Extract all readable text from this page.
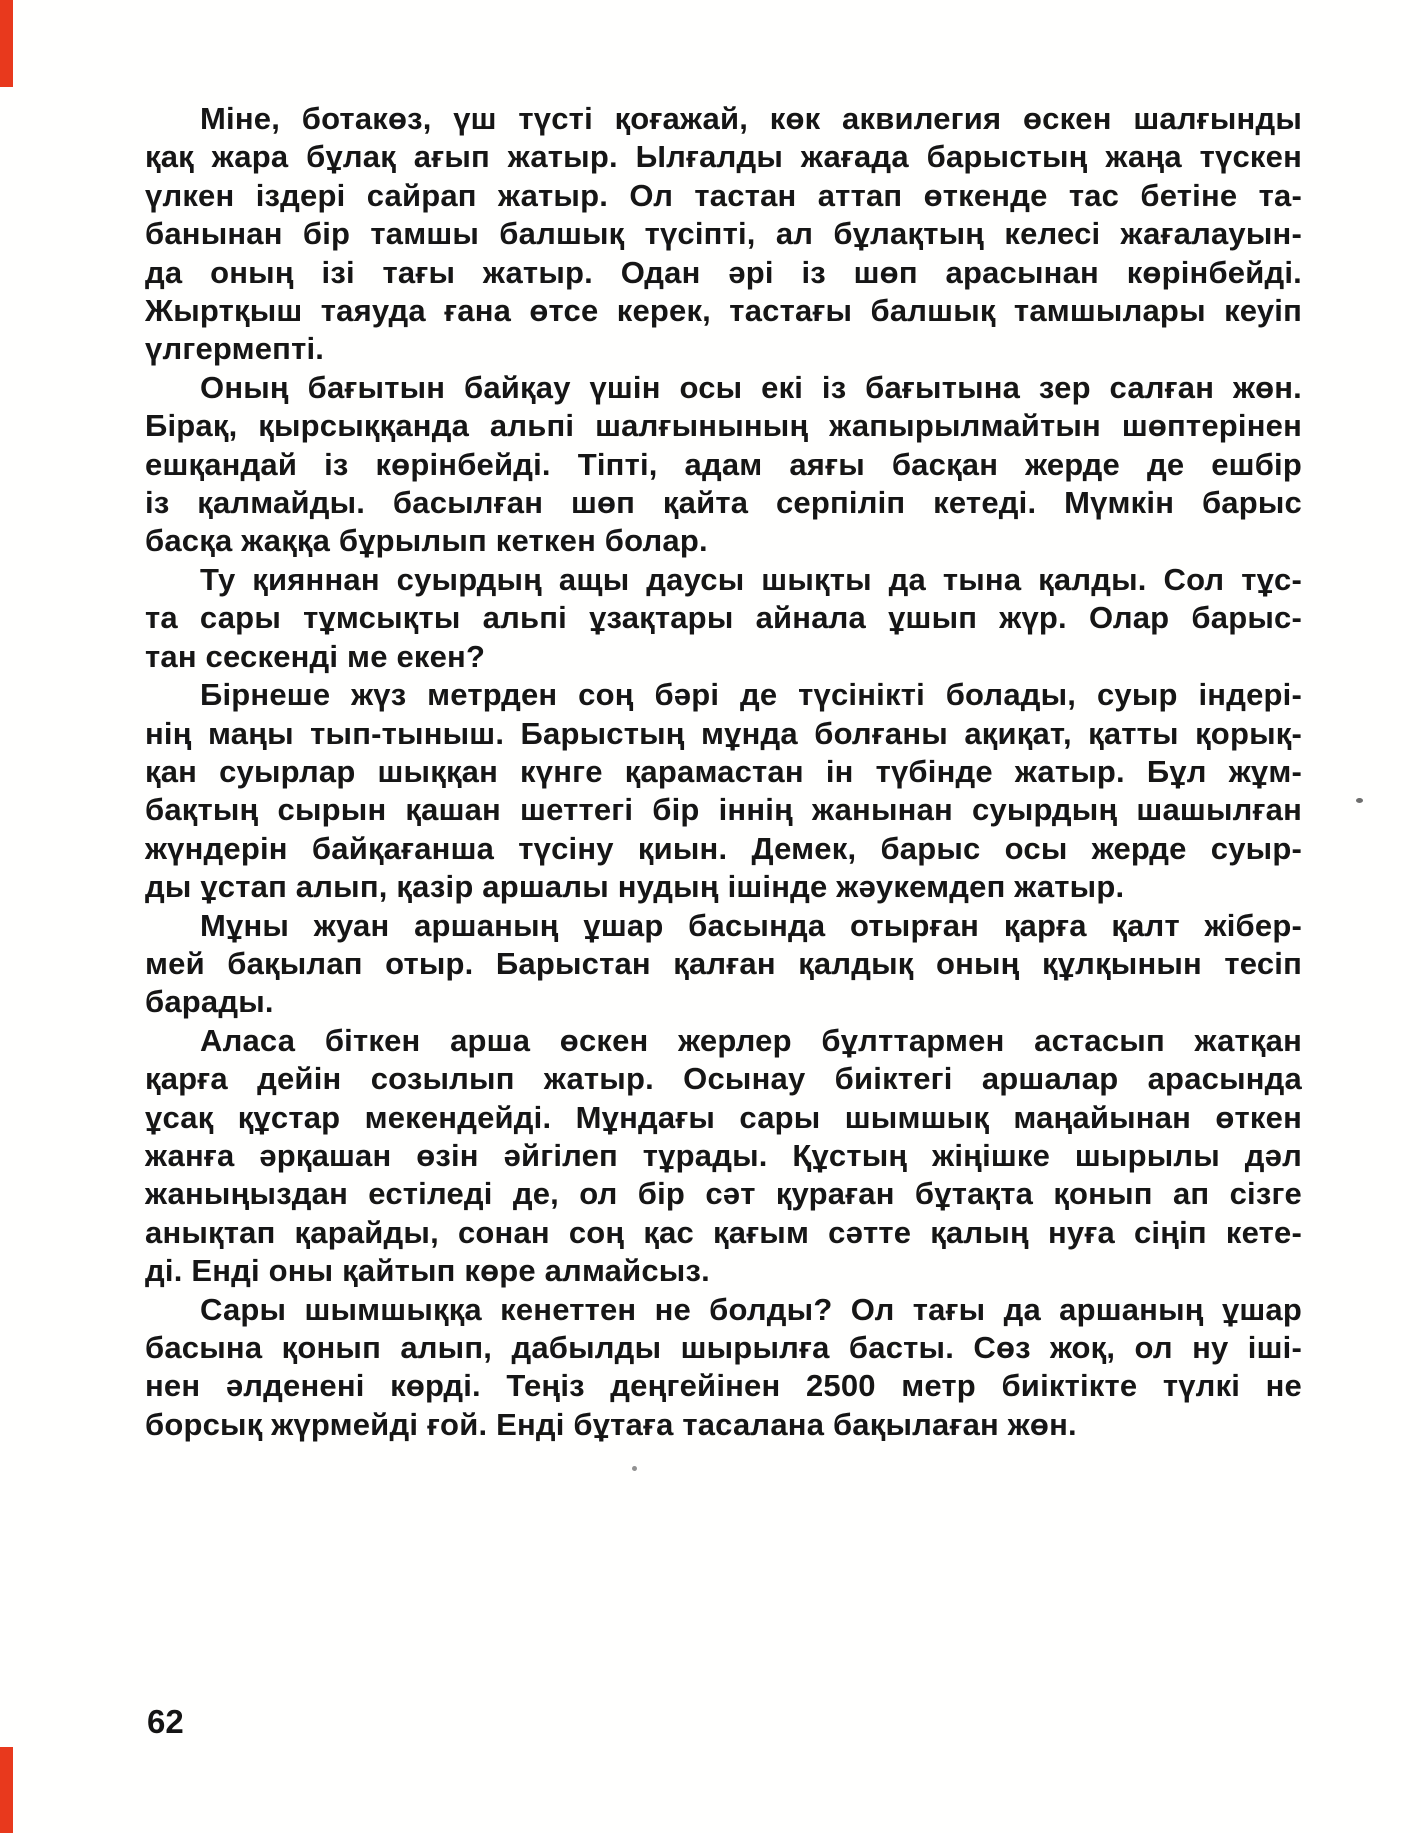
Міне, ботакөз, үш түсті қоғажай, көк аквилегия өскен шалғынды
қақ жара бұлақ ағып жатыр. Ылғалды жағада барыстың жаңа түскен
үлкен іздері сайрап жатыр. Ол тастан аттап өткенде тас бетіне та-
банынан бір тамшы балшық түсіпті, ал бұлақтың келесі жағалауын-
да оның ізі тағы жатыр. Одан әрі із шөп арасынан көрінбейді.
Жыртқыш таяуда ғана өтсе керек, тастағы балшық тамшылары кеуіп
үлгермепті.
Оның бағытын байқау үшін осы екі із бағытына зер салған жөн.
Бірақ, қырсыққанда альпі шалғынының жапырылмайтын шөптерінен
ешқандай із көрінбейді. Тіпті, адам аяғы басқан жерде де ешбір
із қалмайды. басылған шөп қайта серпіліп кетеді. Мүмкін барыс
басқа жаққа бұрылып кеткен болар.
Ту қияннан суырдың ащы даусы шықты да тына қалды. Сол тұс-
та сары тұмсықты альпі ұзақтары айнала ұшып жүр. Олар барыс-
тан сескенді ме екен?
Бірнеше жүз метрден соң бәрі де түсінікті болады, суыр індері-
нің маңы тып-тыныш. Барыстың мұнда болғаны ақиқат, қатты қорық-
қан суырлар шыққан күнге қарамастан ін түбінде жатыр. Бұл жұм-
бақтың сырын қашан шеттегі бір іннің жанынан суырдың шашылған
жүндерін байқағанша түсіну қиын. Демек, барыс осы жерде суыр-
ды ұстап алып, қазір аршалы нудың ішінде жәукемдеп жатыр.
Мұны жуан аршаның ұшар басында отырған қарға қалт жібер-
мей бақылап отыр. Барыстан қалған қалдық оның құлқынын тесіп
барады.
Аласа біткен арша өскен жерлер бұлттармен астасып жатқан
қарға дейін созылып жатыр. Осынау биіктегі аршалар арасында
ұсақ құстар мекендейді. Мұндағы сары шымшық маңайынан өткен
жанға әрқашан өзін әйгілеп тұрады. Құстың жіңішке шырылы дәл
жаныңыздан естіледі де, ол бір сәт қураған бұтақта қонып ап сізге
анықтап қарайды, сонан соң қас қағым сәтте қалың нуға сіңіп кете-
ді. Енді оны қайтып көре алмайсыз.
Сары шымшыққа кенеттен не болды? Ол тағы да аршаның ұшар
басына қонып алып, дабылды шырылға басты. Сөз жоқ, ол ну іші-
нен әлденені көрді. Теңіз деңгейінен 2500 метр биіктікте түлкі не
борсық жүрмейді ғой. Енді бұтаға тасалана бақылаған жөн.
62
